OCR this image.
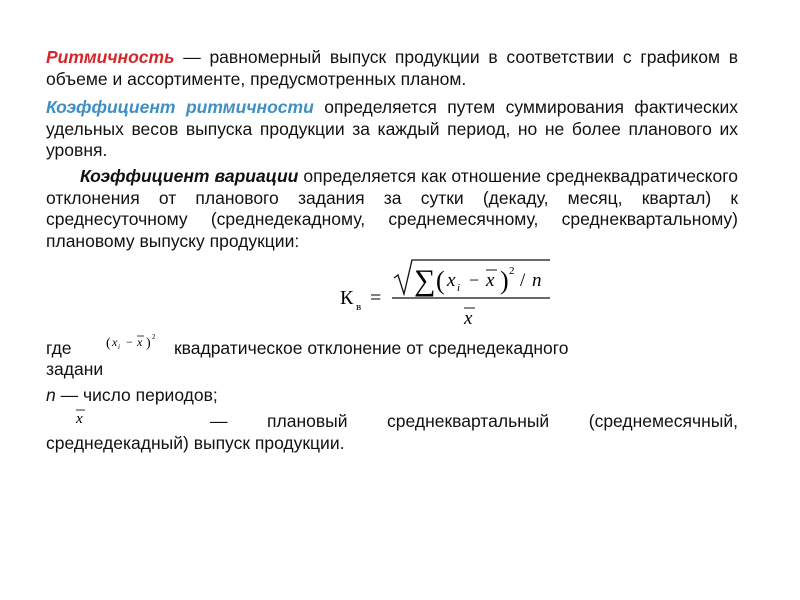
Ритмичность — равномерный выпуск продукции в соответствии с графиком в объеме и ассортименте, предусмотренных планом.
Коэффициент ритмичности определяется путем суммирования фактических удельных весов выпуска продукции за каждый период, но не более планового их уровня.
Коэффициент вариации определяется как отношение среднеквадратического отклонения от планового задания за сутки (декаду, месяц, квартал) к среднесуточному (среднедекадному, среднемесячному, среднеквартальному) плановому выпуску продукции:
К в =
∑ ( x i − x ) 2 / n
x
где ( x i − x ) 2
квадратическое отклонение от среднедекадного
задани
n — число периодов;
x	— плановый среднеквартальный (среднемесячный, среднедекадный) выпуск продукции.
